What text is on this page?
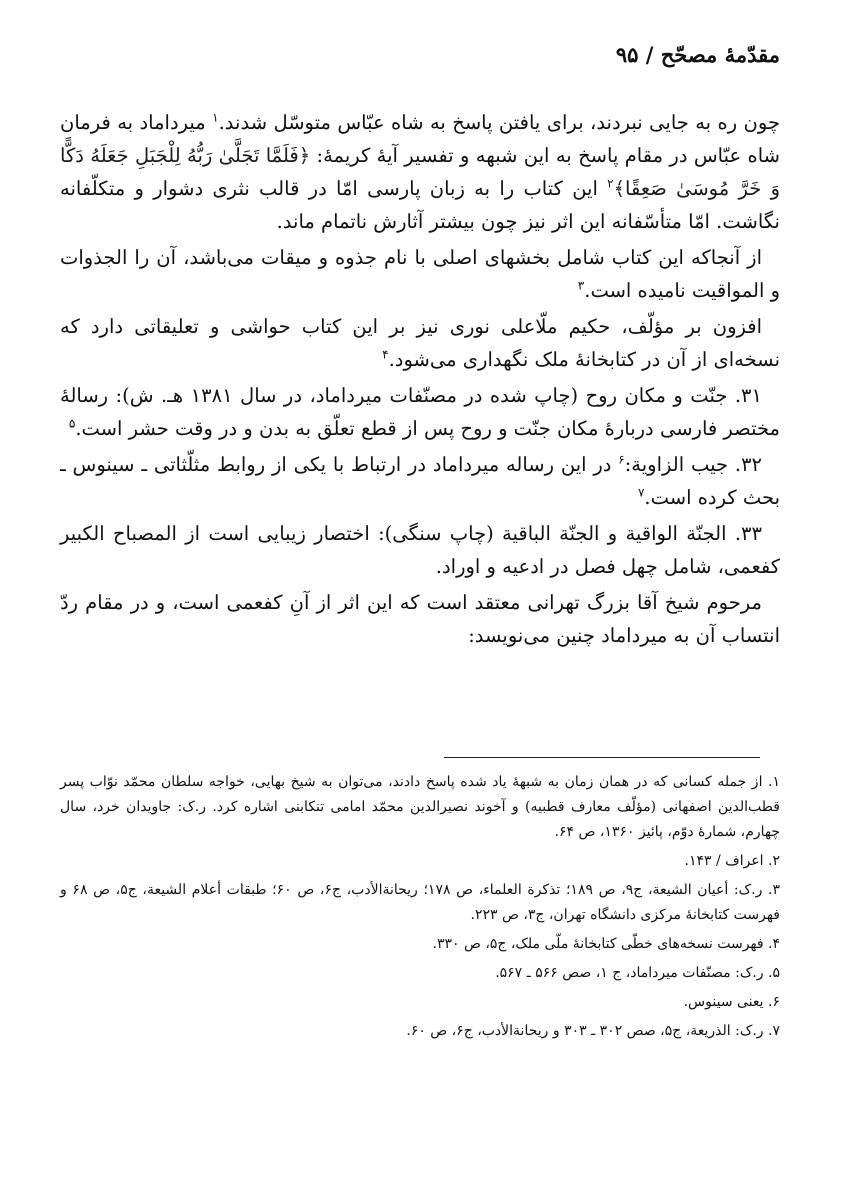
مقدّمهٔ مصحّح / ۹۵

چون ره به جایی نبردند، برای یافتن پاسخ به شاه عبّاس متوسّل شدند.$^۱$ میرداماد به فرمان شاه عبّاس در مقام پاسخ به این شبهه و تفسیر آیهٔ کریمهٔ: ﴿فَلَمَّا تَجَلَّىٰ رَبُّهُ لِلْجَبَلِ جَعَلَهُ دَكًّا وَ خَرَّ مُوسَىٰ صَعِقًا﴾$^۲$ این کتاب را به زبان پارسی امّا در قالب نثری دشوار و متکلّفانه نگاشت. امّا متأسّفانه این اثر نیز چون بیشتر آثارش ناتمام ماند.

از آنجاکه این کتاب شامل بخشهای اصلی با نام جذوه و میقات می‌باشد، آن را الجذوات و المواقیت نامیده است.$^۳$

افزون بر مؤلّف، حکیم ملّاعلی نوری نیز بر این کتاب حواشی و تعلیقاتی دارد که نسخه‌ای از آن در کتابخانهٔ ملک نگهداری می‌شود.$^۴$

۳۱. جنّت و مکان روح (چاپ شده در مصنّفات میرداماد، در سال ۱۳۸۱ هـ. ش): رسالهٔ مختصر فارسی دربارهٔ مکان جنّت و روح پس از قطع تعلّق به بدن و در وقت حشر است.$^۵$

۳۲. جیب الزاویة:$^۶$ در این رساله میرداماد در ارتباط با یکی از روابط مثلّثاتی ـ سینوس ـ بحث کرده است.$^۷$

۳۳. الجنّة الواقية و الجنّة الباقية (چاپ سنگی): اختصار زیبایی است از المصباح الکبیر کفعمی، شامل چهل فصل در ادعیه و اوراد.

مرحوم شیخ آقا بزرگ تهرانی معتقد است که این اثر از آنِ کفعمی است، و در مقام ردّ انتساب آن به میرداماد چنین می‌نویسد:

۱. از جمله کسانی که در همان زمان به شبههٔ یاد شده پاسخ دادند، می‌توان به شیخ بهایی، خواجه سلطان محمّد نوّاب پسر قطب‌الدین اصفهانی (مؤلّف معارف قطبیه) و آخوند نصیرالدین محمّد امامی تنکابنی اشاره کرد. ر.ک: جاویدان خرد، سال چهارم، شمارهٔ دوّم، پائیز ۱۳۶۰، ص ۶۴.
۲. اعراف / ۱۴۳.
۳. ر.ک: أعیان الشیعة، ج۹، ص ۱۸۹؛ تذکرة العلماء، ص ۱۷۸؛ ریحانةالأدب، ج۶، ص ۶۰؛ طبقات أعلام الشیعة، ج۵، ص ۶۸ و فهرست کتابخانهٔ مرکزی دانشگاه تهران، ج۳، ص ۲۲۳.
۴. فهرست نسخه‌های خطّی کتابخانهٔ ملّی ملک، ج۵، ص ۳۳۰.
۵. ر.ک: مصنّفات میرداماد، ج ۱، صص ۵۶۶ ـ ۵۶۷.
۶. یعنی سینوس.
۷. ر.ک: الذریعة، ج۵، صص ۳۰۲ ـ ۳۰۳ و ریحانةالأدب، ج۶، ص ۶۰.
